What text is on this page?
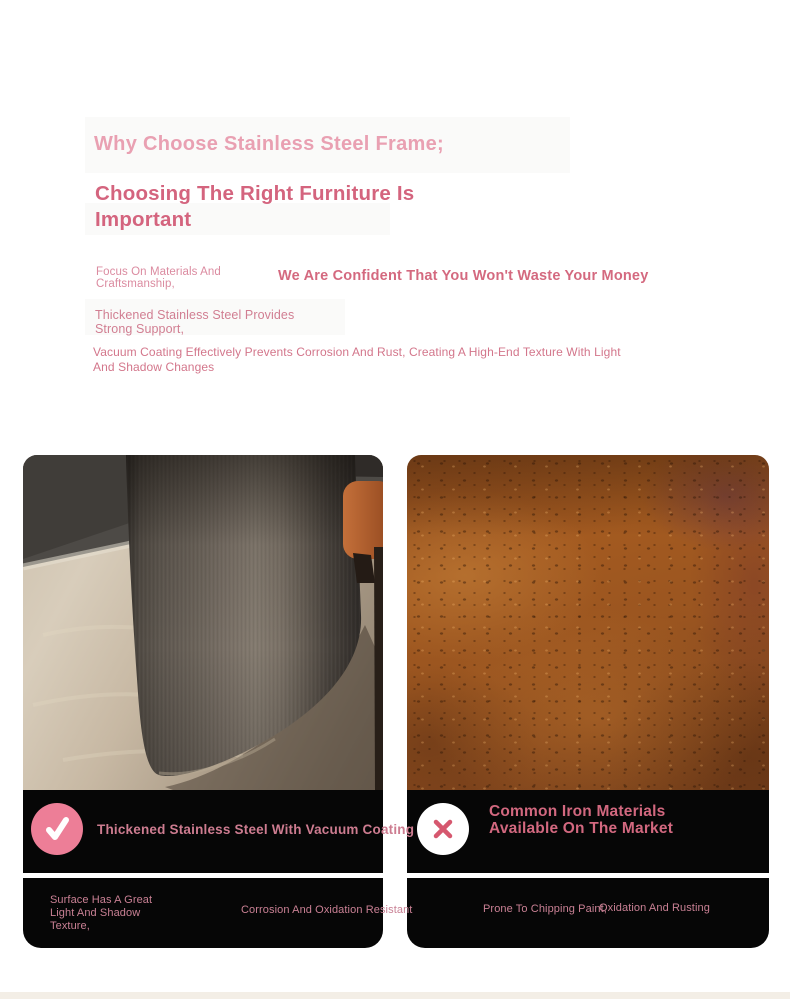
Why Choose Stainless Steel Frame;
Choosing The Right Furniture Is Important
Focus On Materials And Craftsmanship,	We Are Confident That You Won't Waste Your Money
Thickened Stainless Steel Provides Strong Support,
Vacuum Coating Effectively Prevents Corrosion And Rust, Creating A High-End Texture With Light And Shadow Changes
Thickened Stainless Steel With Vacuum Coating
Surface Has A Great Light And Shadow Texture,
Corrosion And Oxidation Resistant
Common Iron Materials Available On The Market
Prone To Chipping Paint,
Oxidation And Rusting
